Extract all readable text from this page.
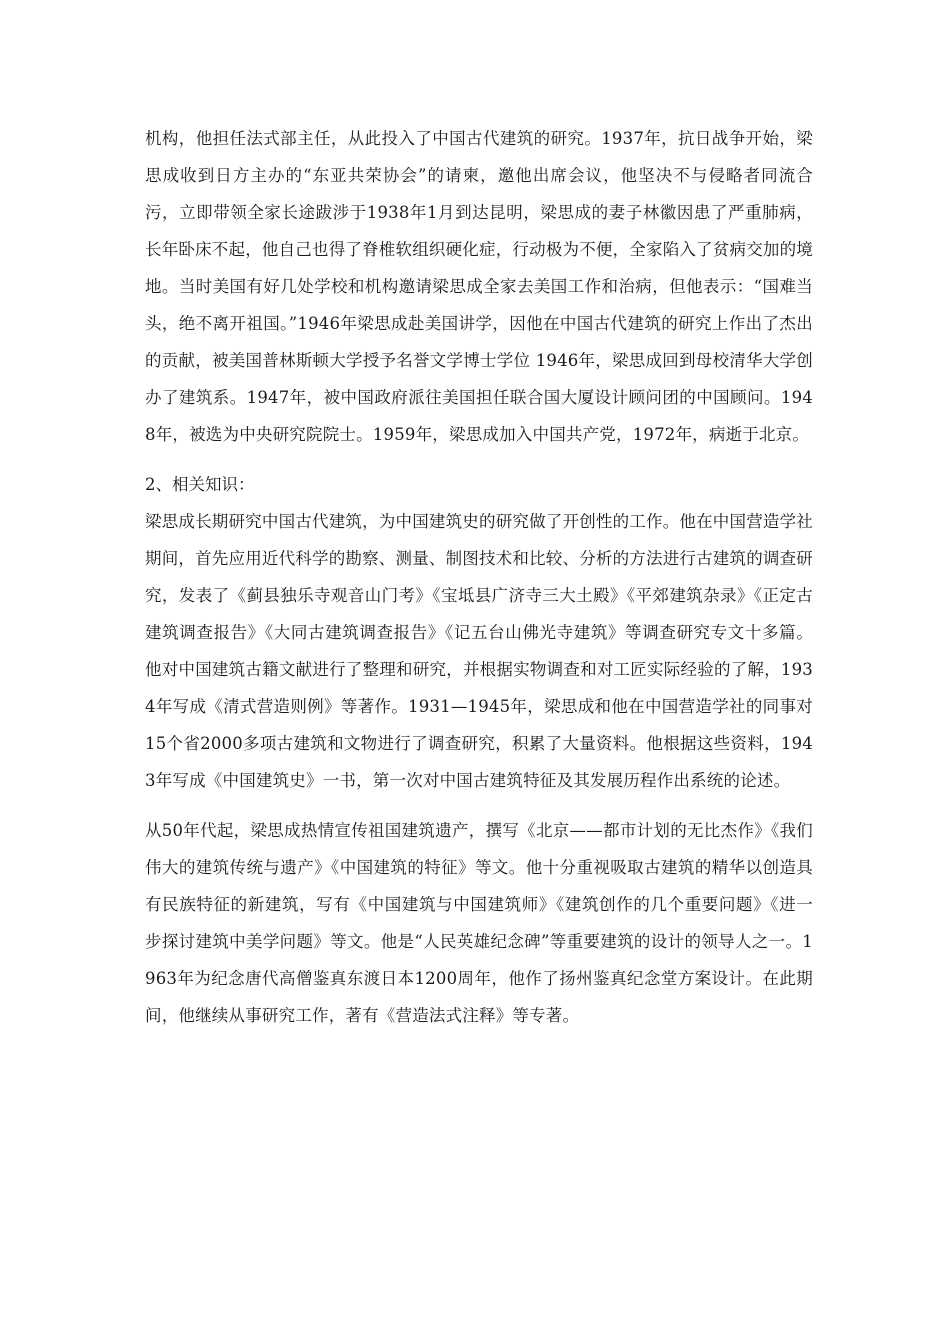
机构，他担任法式部主任，从此投入了中国古代建筑的研究。1937年，抗日战争开始，梁思成收到日方主办的“东亚共荣协会”的请柬，邀他出席会议，他坚决不与侵略者同流合污，立即带领全家长途跋涉于1938年1月到达昆明，梁思成的妻子林徽因患了严重肺病，长年卧床不起，他自己也得了脊椎软组织硬化症，行动极为不便，全家陷入了贫病交加的境地。当时美国有好几处学校和机构邀请梁思成全家去美国工作和治病，但他表示：“国难当头，绝不离开祖国。”1946年梁思成赴美国讲学，因他在中国古代建筑的研究上作出了杰出的贡献，被美国普林斯顿大学授予名誉文学博士学位 1946年，梁思成回到母校清华大学创办了建筑系。1947年，被中国政府派往美国担任联合国大厦设计顾问团的中国顾问。1948年，被选为中央研究院院士。1959年，梁思成加入中国共产党，1972年，病逝于北京。

2、相关知识：

梁思成长期研究中国古代建筑，为中国建筑史的研究做了开创性的工作。他在中国营造学社期间，首先应用近代科学的勘察、测量、制图技术和比较、分析的方法进行古建筑的调查研究，发表了《蓟县独乐寺观音山门考》《宝坻县广济寺三大土殿》《平郊建筑杂录》《正定古建筑调查报告》《大同古建筑调查报告》《记五台山佛光寺建筑》等调查研究专文十多篇。他对中国建筑古籍文献进行了整理和研究，并根据实物调查和对工匠实际经验的了解，1934年写成《清式营造则例》等著作。1931—1945年，梁思成和他在中国营造学社的同事对15个省2000多项古建筑和文物进行了调查研究，积累了大量资料。他根据这些资料，1943年写成《中国建筑史》一书，第一次对中国古建筑特征及其发展历程作出系统的论述。

从50年代起，梁思成热情宣传祖国建筑遗产，撰写《北京——都市计划的无比杰作》《我们伟大的建筑传统与遗产》《中国建筑的特征》等文。他十分重视吸取古建筑的精华以创造具有民族特征的新建筑，写有《中国建筑与中国建筑师》《建筑创作的几个重要问题》《进一步探讨建筑中美学问题》等文。他是“人民英雄纪念碑”等重要建筑的设计的领导人之一。1963年为纪念唐代高僧鉴真东渡日本1200周年，他作了扬州鉴真纪念堂方案设计。在此期间，他继续从事研究工作，著有《营造法式注释》等专著。
